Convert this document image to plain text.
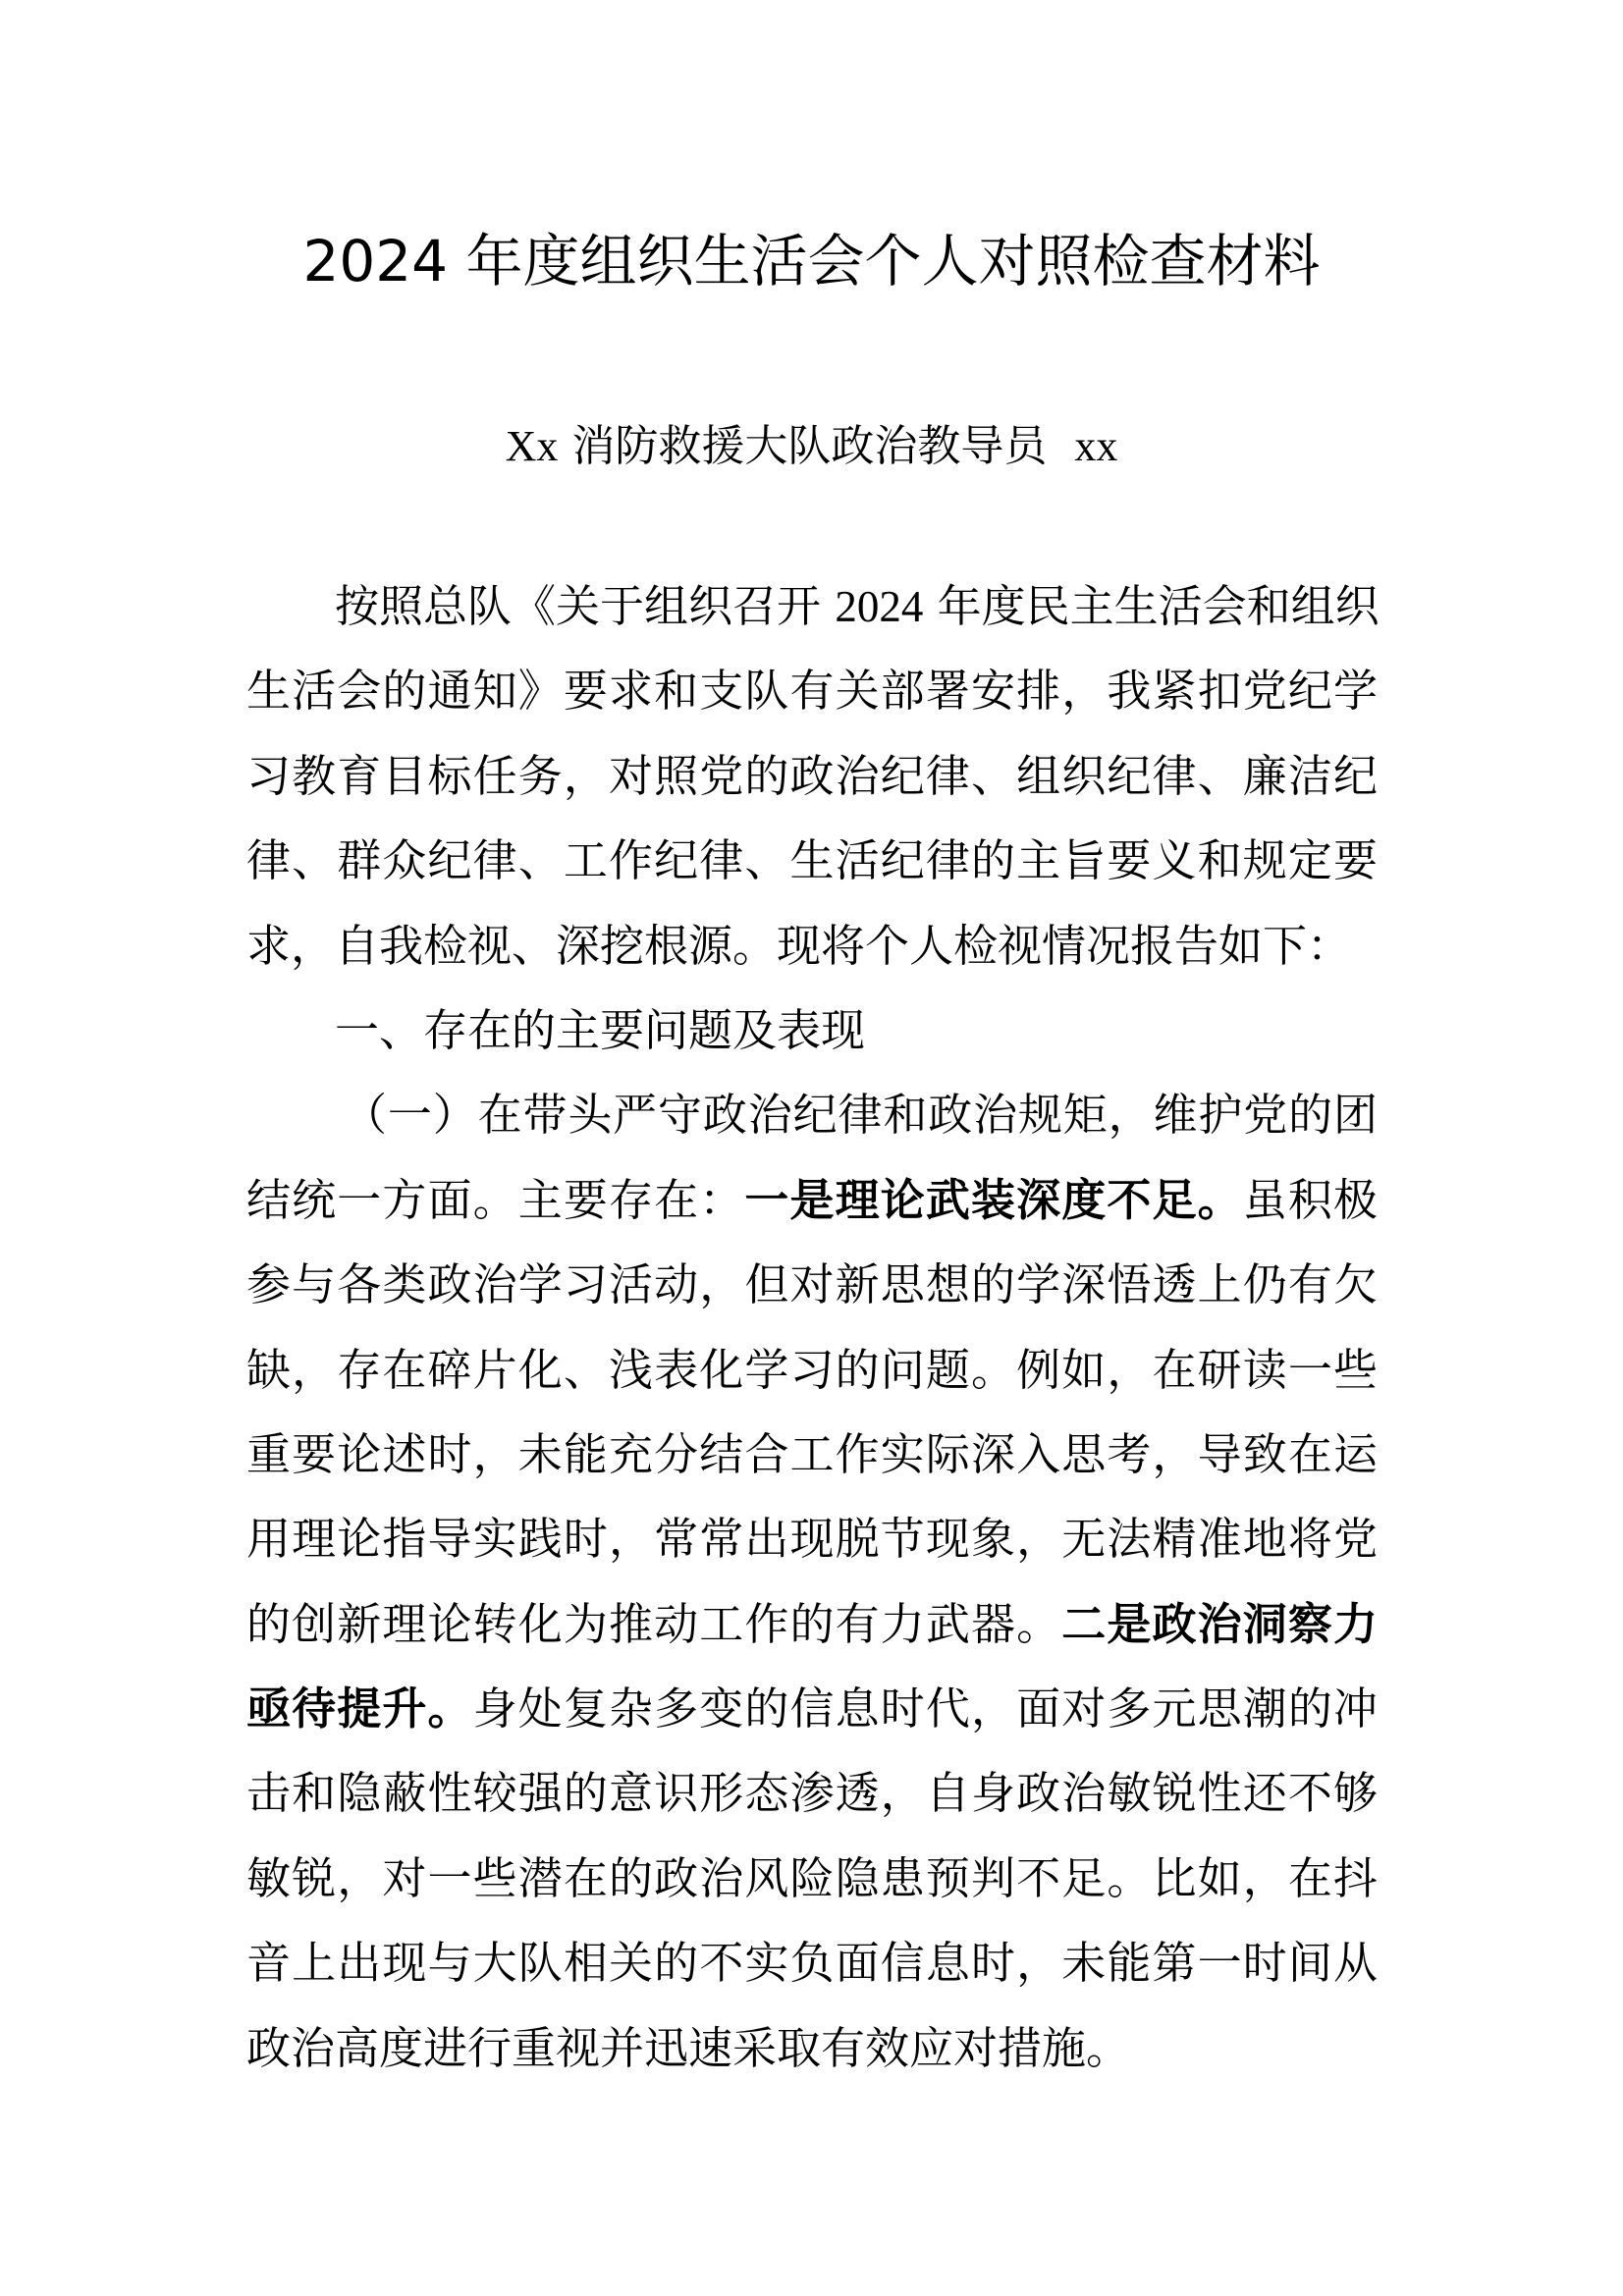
2024 年度组织生活会个人对照检查材料
Xx 消防救援大队政治教导员  xx
按照总队《关于组织召开 2024 年度民主生活会和组织
生活会的通知》要求和支队有关部署安排，我紧扣党纪学
习教育目标任务，对照党的政治纪律、组织纪律、廉洁纪
律、群众纪律、工作纪律、生活纪律的主旨要义和规定要
求，自我检视、深挖根源。现将个人检视情况报告如下：
一、存在的主要问题及表现
（一）在带头严守政治纪律和政治规矩，维护党的团
结统一方面。主要存在：一是理论武装深度不足。虽积极
参与各类政治学习活动，但对新思想的学深悟透上仍有欠
缺，存在碎片化、浅表化学习的问题。例如，在研读一些
重要论述时，未能充分结合工作实际深入思考，导致在运
用理论指导实践时，常常出现脱节现象，无法精准地将党
的创新理论转化为推动工作的有力武器。二是政治洞察力
亟待提升。身处复杂多变的信息时代，面对多元思潮的冲
击和隐蔽性较强的意识形态渗透，自身政治敏锐性还不够
敏锐，对一些潜在的政治风险隐患预判不足。比如，在抖
音上出现与大队相关的不实负面信息时，未能第一时间从
政治高度进行重视并迅速采取有效应对措施。
